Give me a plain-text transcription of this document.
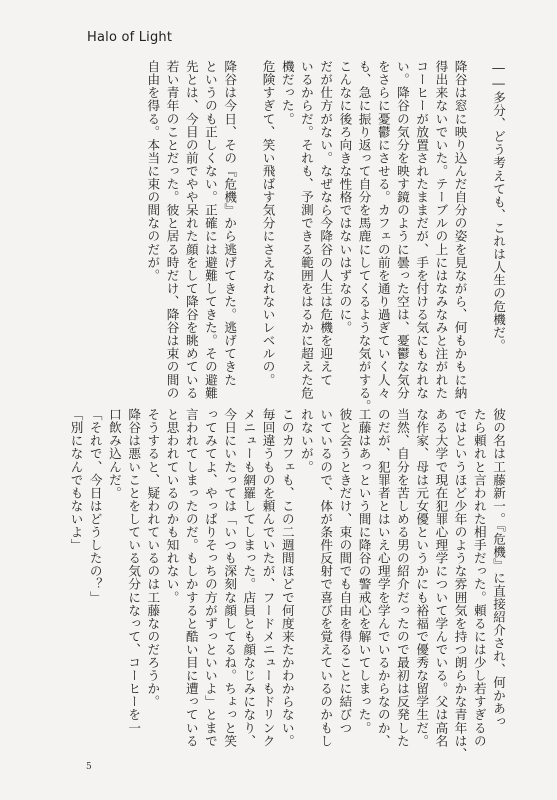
Halo of Light

――多分、どう考えても、これは人生の危機だ。

降谷は窓に映り込んだ自分の姿を見ながら、何もかもに納

得出来ないでいた。テーブルの上にはなみなみと注がれた

コーヒーが放置されたままだが、手を付ける気にもなれな

い。降谷の気分を映す鏡のように曇った空は、憂鬱な気分

をさらに憂鬱にさせる。カフェの前を通り過ぎていく人々

も、急に振り返って自分を馬鹿にしてくるような気がする。

こんなに後ろ向きな性格ではないはずなのに。

だが仕方がない。なぜなら今降谷の人生は危機を迎えて

いるからだ。それも、予測できる範囲をはるかに超えた危

機だった。

危険すぎて、笑い飛ばす気分にさえなれないレベルの。

降谷は今日、その『危機』から逃げてきた。逃げてきた

というのも正しくない。正確には避難してきた。その避難

先とは、今目の前でやや呆れた顔をして降谷を眺めている

若い青年のことだった。彼と居る時だけ、降谷は束の間の

自由を得る。本当に束の間なのだが。

彼の名は工藤新一。『危機』に直接紹介され、何かあっ

たら頼れと言われた相手だった。頼るには少し若すぎるの

ではというほど少年のような雰囲気を持つ朗らかな青年は、

ある大学で現在犯罪心理学について学んでいる。父は高名

な作家、母は元女優というかにも裕福で優秀な留学生だ。

当然、自分を苦しめる男の紹介だったので最初は反発した

のだが、犯罪者とはいえ心理学を学んでいるからなのか、

工藤はあっという間に降谷の警戒心を解いてしまった。

彼と会うときだけ、束の間でも自由を得ることに結びつ

いているので、体が条件反射で喜びを覚えているのかもし

れないが。

このカフェも、この二週間ほどで何度来たかわからない。

毎回違うものを頼んでいたが、フードメニューもドリンク

メニューも網羅してしまった。店員とも顔なじみになり、

今日にいたっては「いつも深刻な顔してるね。ちょっと笑

ってみてよ、やっぱりそっちの方がずっといいよ」とまで

言われてしまったのだ。もしかすると酷い目に遭っている

と思われているのかも知れない。

そうすると、疑われているのは工藤なのだろうか。

降谷は悪いことをしている気分になって、コーヒーを一

口飲み込んだ。

「それで、今日はどうしたの？」

「別になんでもないよ」

5
